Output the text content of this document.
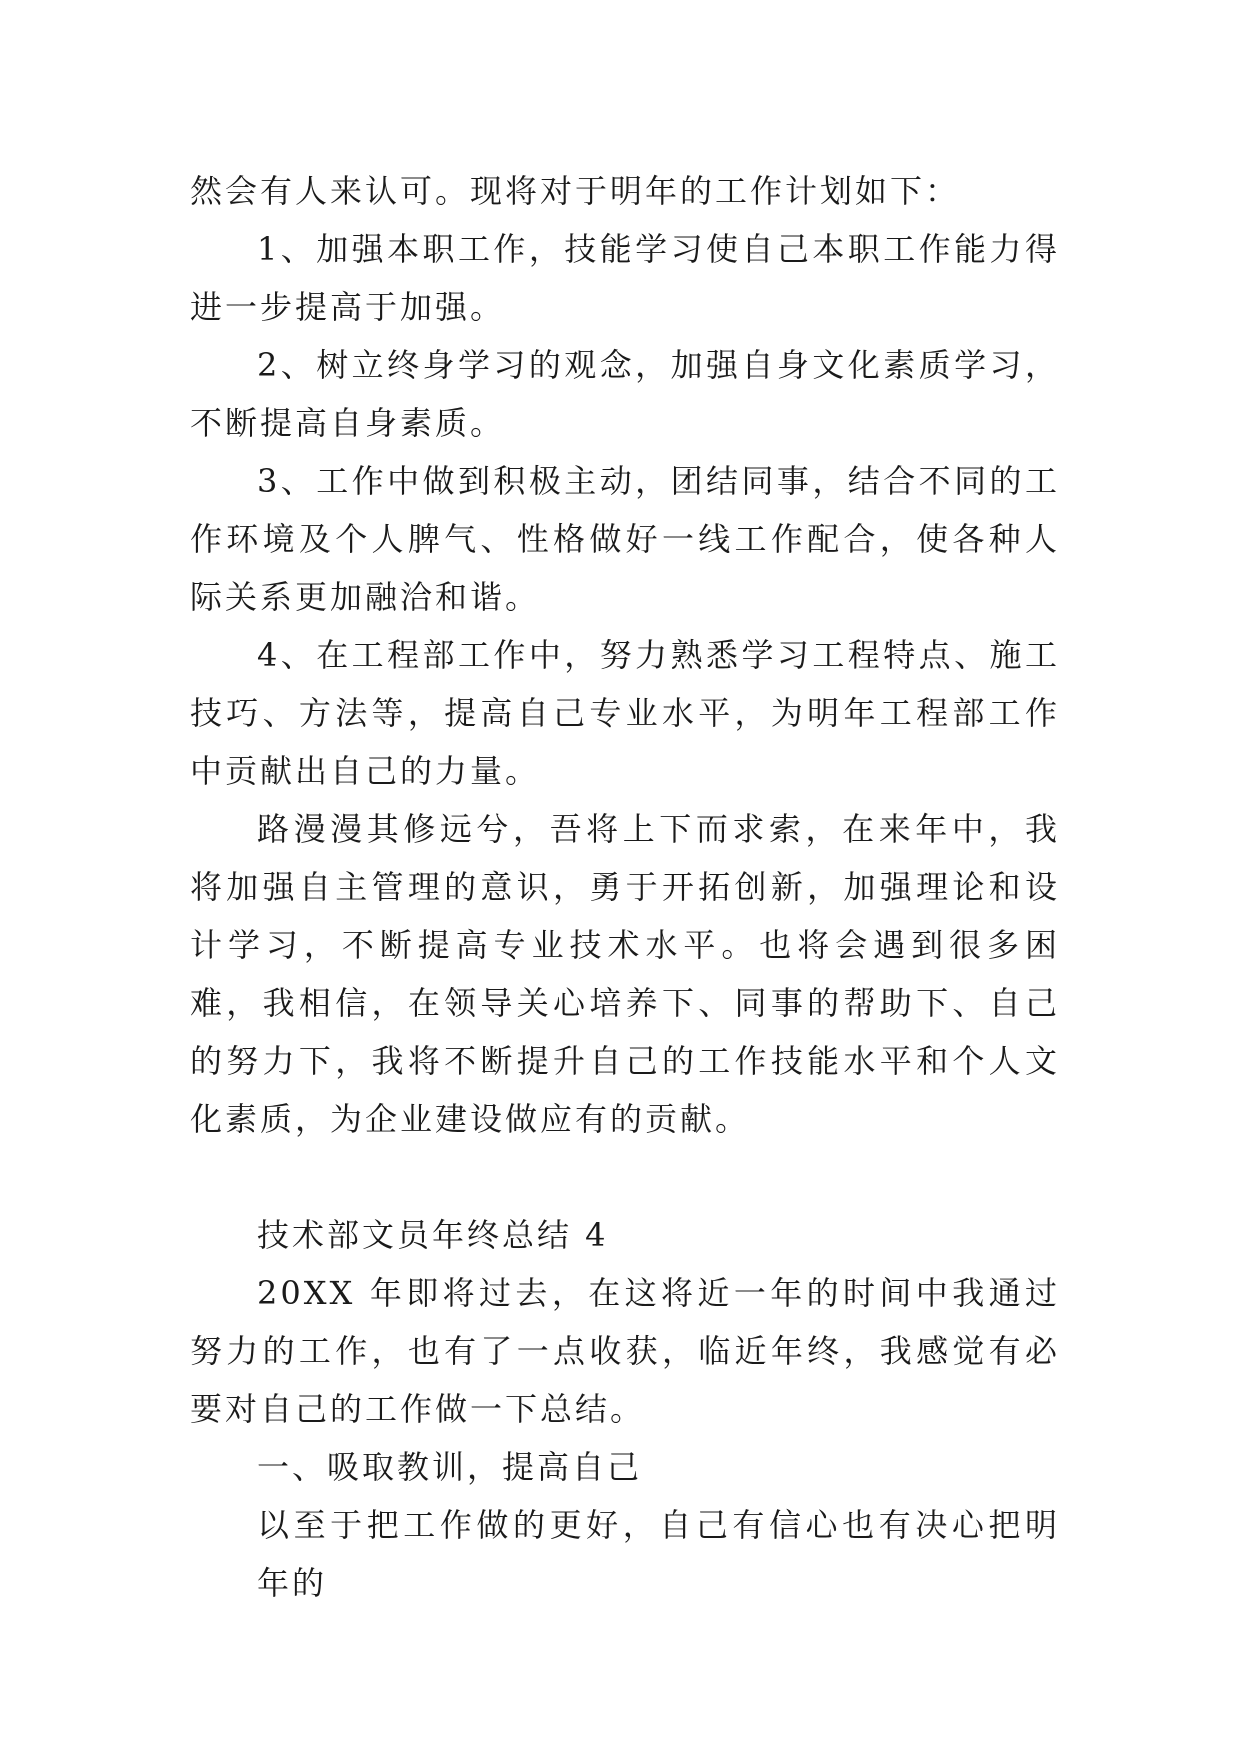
然会有人来认可。现将对于明年的工作计划如下：

1、加强本职工作，技能学习使自己本职工作能力得进一步提高于加强。

2、树立终身学习的观念，加强自身文化素质学习，不断提高自身素质。

3、工作中做到积极主动，团结同事，结合不同的工作环境及个人脾气、性格做好一线工作配合，使各种人际关系更加融洽和谐。

4、在工程部工作中，努力熟悉学习工程特点、施工技巧、方法等，提高自己专业水平，为明年工程部工作中贡献出自己的力量。

路漫漫其修远兮，吾将上下而求索，在来年中，我将加强自主管理的意识，勇于开拓创新，加强理论和设计学习，不断提高专业技术水平。也将会遇到很多困难，我相信，在领导关心培养下、同事的帮助下、自己的努力下，我将不断提升自己的工作技能水平和个人文化素质，为企业建设做应有的贡献。

技术部文员年终总结 4

20XX 年即将过去，在这将近一年的时间中我通过努力的工作，也有了一点收获，临近年终，我感觉有必要对自己的工作做一下总结。

一、吸取教训，提高自己

以至于把工作做的更好，自己有信心也有决心把明年的
